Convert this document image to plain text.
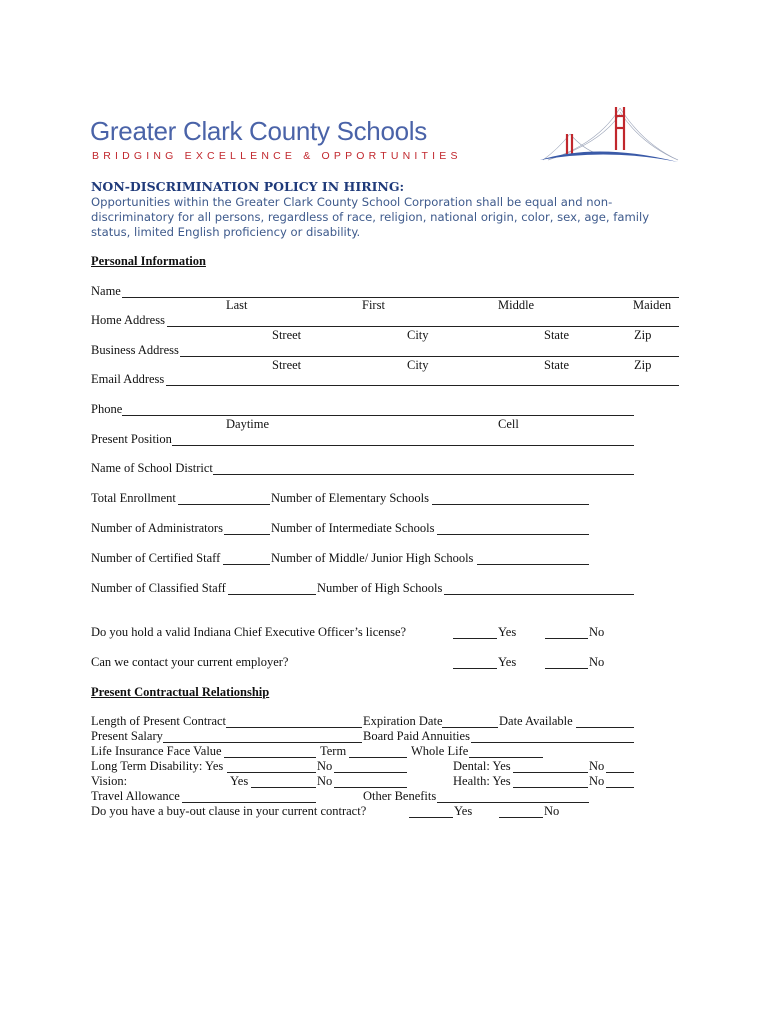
Greater Clark County Schools
BRIDGING EXCELLENCE & OPPORTUNITIES
NON-DISCRIMINATION POLICY IN HIRING:
Opportunities within the Greater Clark County School Corporation shall be equal and non-discriminatory for all persons, regardless of race, religion, national origin, color, sex, age, family status, limited English proficiency or disability.
Personal Information
Name
Last	First	Middle	Maiden
Home Address
Street	City	State	Zip
Business Address
Street	City	State	Zip
Email Address
Phone
Daytime	Cell
Present Position
Name of School District
Total Enrollment	Number of Elementary Schools
Number of Administrators	Number of Intermediate Schools
Number of Certified Staff	Number of Middle/ Junior High Schools
Number of Classified Staff	Number of High Schools
Do you hold a valid Indiana Chief Executive Officer’s license?	Yes	No
Can we contact your current employer?	Yes	No
Present Contractual Relationship
Length of Present Contract	Expiration Date	Date Available
Present Salary	Board Paid Annuities
Life Insurance Face Value	Term	Whole Life
Long Term Disability: Yes	No	Dental: Yes	No
Vision:	Yes	No	Health: Yes	No
Travel Allowance	Other Benefits
Do you have a buy-out clause in your current contract?	Yes	No
